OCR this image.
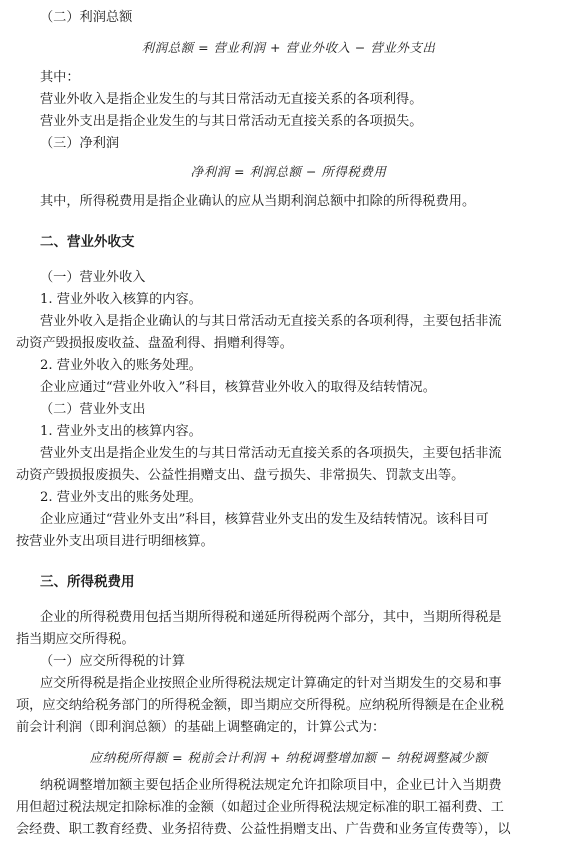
（二）利润总额
利润总额 = 营业利润 + 营业外收入 − 营业外支出
其中：
营业外收入是指企业发生的与其日常活动无直接关系的各项利得。
营业外支出是指企业发生的与其日常活动无直接关系的各项损失。
（三）净利润
净利润 = 利润总额 − 所得税费用
其中，所得税费用是指企业确认的应从当期利润总额中扣除的所得税费用。
二、营业外收支
（一）营业外收入
1. 营业外收入核算的内容。
营业外收入是指企业确认的与其日常活动无直接关系的各项利得，主要包括非流
动资产毁损报废收益、盘盈利得、捐赠利得等。
2. 营业外收入的账务处理。
企业应通过“营业外收入”科目，核算营业外收入的取得及结转情况。
（二）营业外支出
1. 营业外支出的核算内容。
营业外支出是指企业发生的与其日常活动无直接关系的各项损失，主要包括非流
动资产毁损报废损失、公益性捐赠支出、盘亏损失、非常损失、罚款支出等。
2. 营业外支出的账务处理。
企业应通过“营业外支出”科目，核算营业外支出的发生及结转情况。该科目可
按营业外支出项目进行明细核算。
三、所得税费用
企业的所得税费用包括当期所得税和递延所得税两个部分，其中，当期所得税是
指当期应交所得税。
（一）应交所得税的计算
应交所得税是指企业按照企业所得税法规定计算确定的针对当期发生的交易和事
项，应交纳给税务部门的所得税金额，即当期应交所得税。应纳税所得额是在企业税
前会计利润（即利润总额）的基础上调整确定的，计算公式为：
应纳税所得额 = 税前会计利润 + 纳税调整增加额 − 纳税调整减少额
纳税调整增加额主要包括企业所得税法规定允许扣除项目中，企业已计入当期费
用但超过税法规定扣除标准的金额（如超过企业所得税法规定标准的职工福利费、工
会经费、职工教育经费、业务招待费、公益性捐赠支出、广告费和业务宣传费等），以
